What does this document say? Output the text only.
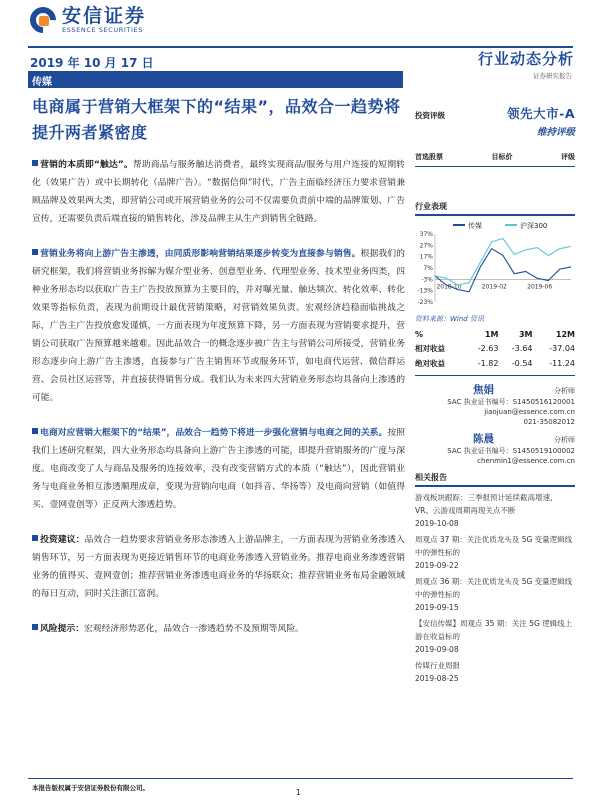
安信证券
ESSENCE SECURITIES
2019 年 10 月 17 日	行业动态分析
证券研究报告
传媒
电商属于营销大框架下的“结果”，品效合一趋势将提升两者紧密度

营销的本质即“触达”。帮助商品与服务触达消费者，最终实现商品/服务与用户连接的短期转化（效果广告）或中长期转化（品牌广告）。“数据信仰”时代，广告主面临经济压力要求营销兼顾品牌及效果两大类，即营销公司或开展营销业务的公司不仅需要负责前中端的品牌策划、广告宣传，还需要负责后端直接的销售转化，涉及品牌主从生产到销售全链路。

营销业务将向上游广告主渗透，由同质形影响营销结果逐步转变为直接参与销售。根据我们的研究框架，我们将营销业务拆解为媒介型业务、创意型业务、代理型业务、技术型业务四类，四种业务形态均以获取广告主广告投放预算为主要目的，并对曝光量、触达频次、转化效率、转化效果等指标负责，表现为前期设计最优营销策略，对营销效果负责。宏观经济趋稳面临挑战之际，广告主广告投放愈发谨慎，一方面表现为年度预算下降，另一方面表现为营销要求提升，营销公司获取广告预算越来越难。因此品效合一的概念逐步被广告主与营销公司所接受，营销业务形态逐步向上游广告主渗透，直接参与广告主销售环节或服务环节，如电商代运营、微信群运营、会员社区运营等，并直接获得销售分成。我们认为未来四大营销业务形态均具备向上渗透的可能。

电商对应营销大框架下的“结果”，品效合一趋势下将进一步强化营销与电商之间的关系。按照我们上述研究框架，四大业务形态均具备向上游广告主渗透的可能，即提升营销服务的广度与深度。电商改变了人与商品及服务的连接效率，没有改变营销方式的本质（“触达”），因此营销业务与电商业务相互渗透顺理成章，变现为营销向电商（如抖音、华扬等）及电商向营销（如值得买、壹网壹创等）正反两大渗透趋势。

投资建议：品效合一趋势要求营销业务形态渗透入上游品牌主，一方面表现为营销业务渗透入销售环节，另一方面表现为更接近销售环节的电商业务渗透入营销业务。推荐电商业务渗透营销业务的值得买、壹网壹创；推荐营销业务渗透电商业务的华扬联众；推荐营销业务布局金融领域的每日互动，同时关注浙江富润。

风险提示：宏观经济形势恶化，品效合一渗透趋势不及预期等风险。

投资评级	领先大市-A
维持评级
首选股票	目标价	评级
行业表现
传媒	沪深300
37%
27%
17%
7%
-3%
-13%
-23%
2018-10	2019-02	2019-06
资料来源：Wind 资讯
%	1M	3M	12M
相对收益	-2.63	-3.64	-37.04
绝对收益	-1.82	-0.54	-11.24
焦娟	分析师
SAC 执业证书编号：S1450516120001
jiaojuan@essence.com.cn
021-35082012
陈晨	分析师
SAC 执业证书编号：S1450519100002
chenmin1@essence.com.cn
相关报告
游戏板块跟踪：三季报预计延续截高增速，VR、云游戏周期再现关点不断
2019-10-08
周观点 37 期：关注优质龙头及 5G 变量逻辑线中的弹性标的
2019-09-22
周观点 36 期：关注优质龙头及 5G 变量逻辑线中的弹性标的
2019-09-15
【安信传媒】周观点 35 期：关注 5G 逻辑线上游在收益标的
2019-09-08
传媒行业周报
2019-08-25
本报告版权属于安信证券股份有限公司。	1
